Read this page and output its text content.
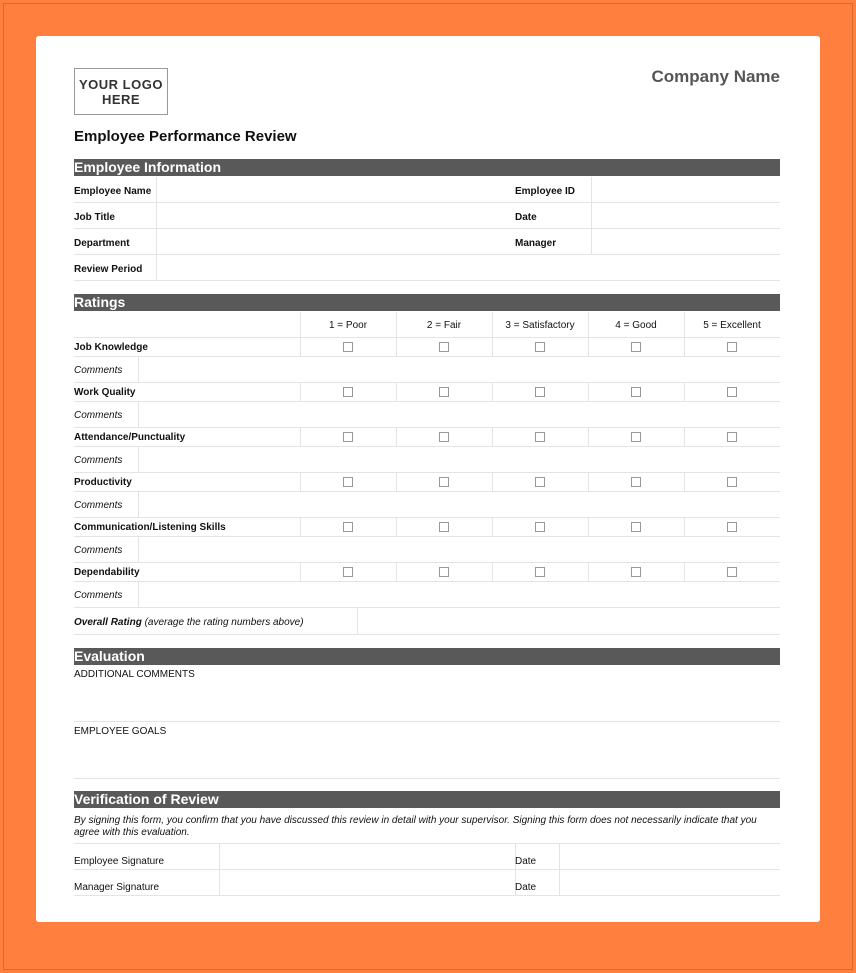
YOUR LOGO
HERE
Company Name
Employee Performance Review
Employee Information
Employee Name	Employee ID
Job Title	Date
Department	Manager
Review Period
Ratings
1 = Poor	2 = Fair	3 = Satisfactory	4 = Good	5 = Excellent
Job Knowledge
Comments
Work Quality
Comments
Attendance/Punctuality
Comments
Productivity
Comments
Communication/Listening Skills
Comments
Dependability
Comments
Overall Rating (average the rating numbers above)
Evaluation
ADDITIONAL COMMENTS
EMPLOYEE GOALS
Verification of Review
By signing this form, you confirm that you have discussed this review in detail with your supervisor. Signing this form does not necessarily indicate that you agree with this evaluation.
Employee Signature	Date
Manager Signature	Date
